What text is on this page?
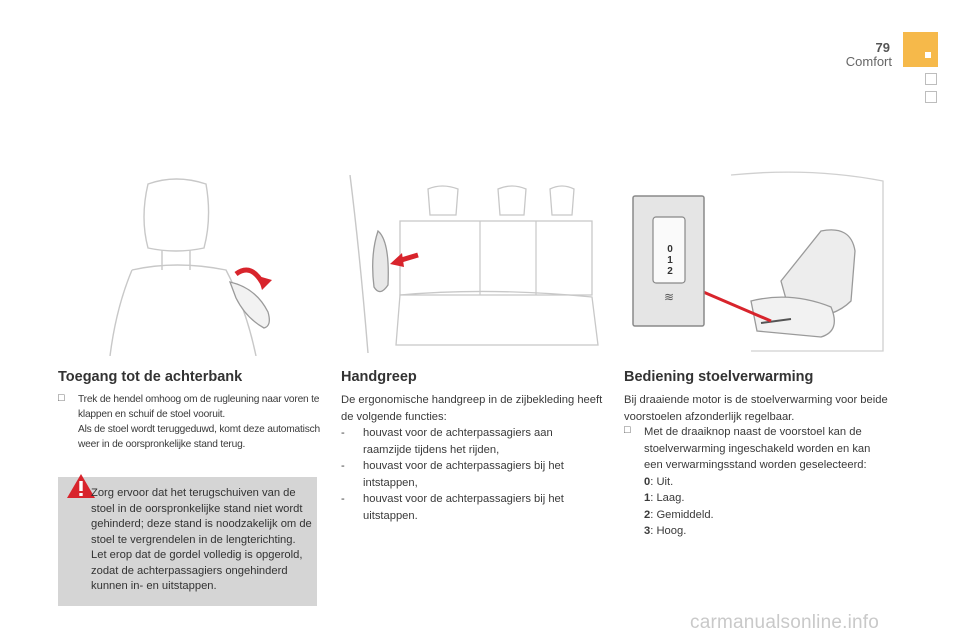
79
Comfort
0
1
2
≋
Toegang tot de achterbank
□ Trek de hendel omhoog om de rugleuning naar voren te klappen en schuif de stoel vooruit.
Als de stoel wordt teruggeduwd, komt deze automatisch weer in de oorspronkelijke stand terug.
Zorg ervoor dat het terugschuiven van de stoel in de oorspronkelijke stand niet wordt gehinderd; deze stand is noodzakelijk om de stoel te vergrendelen in de lengterichting. Let erop dat de gordel volledig is opgerold, zodat de achterpassagiers ongehinderd kunnen in- en uitstappen.
Handgreep
De ergonomische handgreep in de zijbekleding heeft de volgende functies:
- houvast voor de achterpassagiers aan raamzijde tijdens het rijden,
- houvast voor de achterpassagiers bij het intstappen,
- houvast voor de achterpassagiers bij het uitstappen.
Bediening stoelverwarming
Bij draaiende motor is de stoelverwarming voor beide voorstoelen afzonderlijk regelbaar.
□ Met de draaiknop naast de voorstoel kan de stoelverwarming ingeschakeld worden en kan een verwarmingsstand worden geselecteerd:
0: Uit.
1: Laag.
2: Gemiddeld.
3: Hoog.
carmanualsonline.info
